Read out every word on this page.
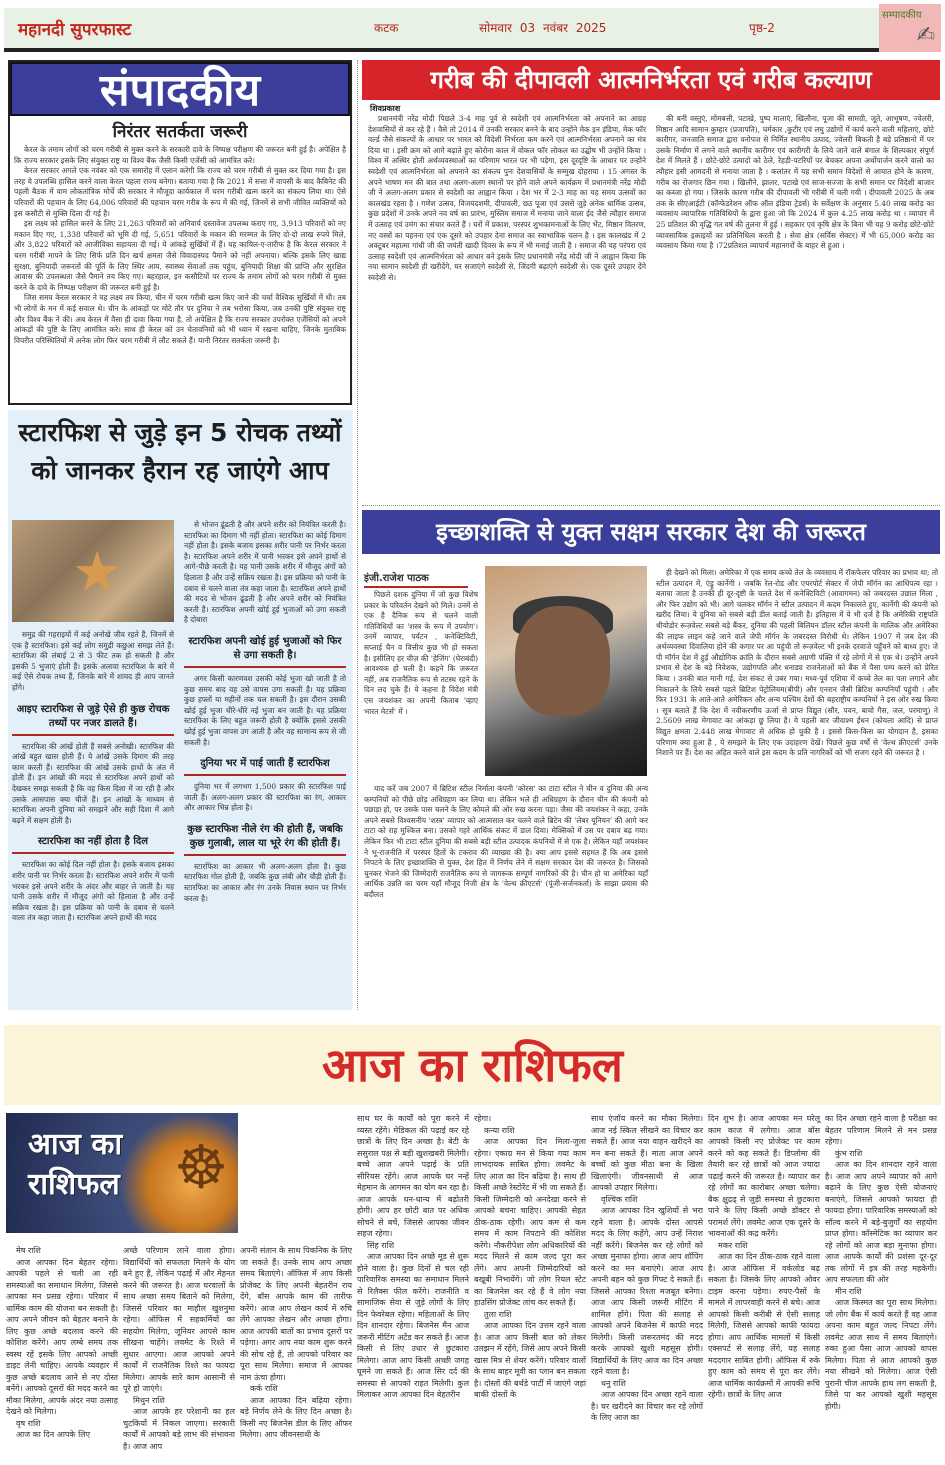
महानदी सुपरफास्ट	कटक	सोमवार 03 नवंबर 2025	पृष्ठ-2
सम्पादकीय
✍
संपादकीय
निरंतर सतर्कता जरूरी

केरल के तमाम लोगों को चरम गरीबी से मुक्त करने के सरकारी दावे के निष्पक्ष परीक्षण की जरूरत बनी हुई है। अपेक्षित है कि राज्य सरकार इसके लिए संयुक्त राष्ट्र या विश्व बैंक जैसी किसी एजेंसी को आमंत्रित करे।

केरल सरकार अगले एक नवंबर को एक समारोह में एलान करेगी कि राज्य को चरम गरीबी से मुक्त कर दिया गया है। इस तरह ये उपलब्धि हासिल करने वाला केरल पहला राज्य बनेगा। बताया गया है कि 2021 में सत्ता में वापसी के बाद कैबिनेट की पहली बैठक में वाम लोकतांत्रिक मोर्चे की सरकार ने मौजूदा कार्यकाल में चरम गरीबी खत्म करने का संकल्प लिया था। ऐसे परिवारों की पहचान के लिए 64,006 परिवारों की पहचान चरम गरीब के रूप में की गई, जिनमें से सभी जीवित व्यक्तियों को इस कसौटी से मुक्ति दिला दी गई है।

इस लक्ष्य को हासिल करने के लिए 21,263 परिवारों को अनिवार्य दस्तावेज उपलब्ध कराए गए, 3,913 परिवारों को नए मकान दिए गए, 1,338 परिवारों को भूमि दी गई, 5,651 परिवारों के मकान की मरम्मत के लिए दो-दो लाख रुपये मिले, और 3,822 परिवारों को आजीविका सहायता दी गई। ये आंकड़े सुर्खियों में हैं। यह कायिल-ए-तारीफ है कि केरल सरकार ने चरम गरीबी मापने के लिए सिर्फ प्रति दिन खर्च क्षमता जैसे विवादास्पद पैमाने को नहीं अपनाया। बल्कि इसके लिए खाद्य सुरक्षा, बुनियादी जरूरतों की पूर्ति के लिए स्थिर आय, स्वास्थ्य सेवाओं तक पहुंच, बुनियादी शिक्षा की प्राप्ति और सुरक्षित आवास की उपलब्धता जैसे पैमाने तय किए गए। बहरहाल, इन कसौटियों पर राज्य के तमाम लोगों को चरम गरीबी से मुक्त करने के दावे के निष्पक्ष परीक्षण की जरूरत बनी हुई है।

जिस समय केरल सरकार ने यह लक्ष्य तय किया, चीन में चरम गरीबी खत्म किए जाने की चर्चा वैश्विक सुर्खियों में थी। तब भी लोगों के मन में कई सवाल थे। चीन के आंकड़ों पर मोटे तौर पर दुनिया ने तब भरोसा किया, जब उनकी पुष्टि संयुक्त राष्ट्र और विश्व बैंक ने की। अब केरल में वैसा ही दावा किया गया है, तो अपेक्षित है कि राज्य सरकार उपरोक्त एजेंसियों को अपने आंकड़ों की पुष्टि के लिए आमंत्रित करे। साथ ही केरल को उन चेतावनियों को भी ध्यान में रखना चाहिए, जिनके मुताबिक विपरीत परिस्थितियों में अनेक लोग फिर चरम गरीबी में लौट सकते हैं। यानी निरंतर सतर्कता जरूरी है।

स्टारफिश से जुड़े इन 5 रोचक तथ्यों को जानकर हैरान रह जाएंगे आप
★

समुद्र की गहराइयों में कई अनोखे जीव रहते हैं, जिनमें से एक है स्टारफिश। इसे कई लोग समुद्री कछुआ समझ लेते हैं। स्टारफिश की लंबाई 2 से 3 फीट तक हो सकती है और इसकी 5 भुजाएं होती हैं। इसके अलावा स्टारफिश के बारे में कई ऐसे रोचक तथ्य हैं, जिनके बारे में शायद ही आप जानते होंगे।

आइए स्टारफिश से जुड़े ऐसे ही कुछ रोचक तथ्यों पर नजर डालते हैं।

स्टारफिश की आंखें होती हैं सबसे अनोखी। स्टारफिश की आंखें बहुत खास होती हैं। ये आंखें उसके दिमाग की तरह काम करती हैं। स्टारफिश की आंखें उसके हाथों के अंत में होती हैं। इन आंखों की मदद से स्टारफिश अपने हाथों को देखकर समझ सकती है कि वह किस दिशा में जा रही है और उसके आसपास क्या चीजें हैं। इन आंखों के माध्यम से स्टारफिश अपनी दुनिया को समझने और सही दिशा में आगे बढ़ने में सक्षम होती है।

स्टारफिश का नहीं होता है दिल

स्टारफिश का कोई दिल नहीं होता है। इसके बजाय इसका शरीर पानी पर निर्भर करता है। स्टारफिश अपने शरीर में पानी भरकर इसे अपने शरीर के अंदर और बाहर ले जाती है। यह पानी उसके शरीर में मौजूद अंगों को हिलाता है और उन्हें सक्रिय रखता है। इस प्रक्रिया को पानी के दबाव से चलने वाला तंत्र कहा जाता है। स्टारफिश अपने हाथों की मदद

से भोजन ढूंढती है और अपने शरीर को नियंत्रित करती है। स्टारफिश का दिमाग भी नहीं होता। स्टारफिश का कोई दिमाग नहीं होता है। इसके बजाय इसका शरीर पानी पर निर्भर करता है। स्टारफिश अपने शरीर में पानी भरकर इसे अपने हाथों से आगे-पीछे करती है। यह पानी उसके शरीर में मौजूद अंगों को हिलाता है और उन्हें सक्रिय रखता है। इस प्रक्रिया को पानी के दबाव से चलने वाला तंत्र कहा जाता है। स्टारफिश अपने हाथों की मदद से भोजन ढूंढती है और अपने शरीर को नियंत्रित करती है। स्टारफिश अपनी खोई हुई भुजाओं को उगा सकती है दोबारा

स्टारफिश अपनी खोई हुई भुजाओं को फिर से उगा सकती है।

अगर किसी कारणवश उसकी कोई भुजा खो जाती है तो कुछ समय बाद वह उसे वापस उगा सकती है। यह प्रक्रिया कुछ हफ्तों या महीनों तक चल सकती है। इस दौरान उसकी खोई हुई भुजा धीरे-धीरे नई भुजा बन जाती है। यह प्रक्रिया स्टारफिश के लिए बहुत जरूरी होती है क्योंकि इससे उसकी खोई हुई भुजा वापस उग आती है और वह सामान्य रूप से जी सकती है।

दुनिया भर में पाई जाती हैं स्टारफिश

दुनिया भर में लगभग 1,500 प्रकार की स्टारफिश पाई जाती हैं। अलग-अलग प्रकार की स्टारफिश का रंग, आकार और आकार भिन्न होता है।

कुछ स्टारफिश नीले रंग की होती हैं, जबकि कुछ गुलाबी, लाल या भूरे रंग की होती हैं।

स्टारफिश का आकार भी अलग-अलग होता है। कुछ स्टारफिश गोल होती हैं, जबकि कुछ लंबी और चौड़ी होती हैं। स्टारफिश का आकार और रंग उनके निवास स्थान पर निर्भर करता है।

गरीब की दीपावली आत्मनिर्भरता एवं गरीब कल्याण
शिवप्रकाश

प्रधानमंत्री नरेंद्र मोदी पिछले 3-4 माह पूर्व से स्वदेशी एवं आत्मनिर्भरता को अपनाने का आग्रह देशवासियों से कर रहे हैं । वैसे तो 2014 में उनकी सरकार बनने के बाद उन्होंने मेक इन इंडिया, मेक फॉर वर्ल्ड जैसे संकल्पों के आधार पर भारत को विदेशी निर्भरता कम करने एवं आत्मनिर्भरता अपनाने का मंत्र दिया था । इसी क्रम को आगे बढ़ाते हुए कोरोना काल में वोकल फॉर लोकल का उद्घोष भी उन्होंने किया । विश्व में अस्थिर होती अर्थव्यवस्थाओं का परिणाम भारत पर भी पड़ेगा, इस दूरदृष्टि के आधार पर उन्होंने स्वदेशी एवं आत्मनिर्भरता को अपनाने का संकल्प पुनः देशवासियों के सम्मुख दोहराया । 15 अगस्त के अपने भाषण मन की बात तथा अलग-अलग स्थानों पर होने वाले अपने कार्यक्रम में प्रधानमंत्री नरेंद्र मोदी जी ने अलग-अलग प्रकार से स्वदेशी का आह्वान किया । देश भर में 2-3 माह का यह समय उत्सवों का कालखंड रहता है । गणेश उत्सव, विजयदशमी, दीपावली, छठ पूजा एवं उससे जुड़े अनेक धार्मिक उत्सव, कुछ प्रदेशों में उनके अपने नव वर्ष का प्रारंभ, मुस्लिम समाज में मनाया जाने वाला ईद जैसे त्यौहार समाज में उत्साह एवं उमंग का संचार करते हैं । घरों में प्रकाश, परस्पर शुभकामनाओं के लिए भेंट, मिष्ठान वितरण, नए वस्त्रों का पहनना एवं एक दूसरे को उपहार देना समाज का स्वाभाविक चलन है । इस कालखंड में 2 अक्टूबर महात्मा गांधी जी की जयंती खादी दिवस के रूप में भी मनाई जाती है । समाज की यह परंपरा एवं उत्साह स्वदेशी एवं आत्मनिर्भरता को आधार बने इसके लिए प्रधानमंत्री नरेंद्र मोदी जी ने आह्वान किया कि नया सामान स्वदेशी ही खरीदेंगे, घर सजाएंगे स्वदेशी से, जिंदगी बढ़ाएंगे स्वदेशी से। एक दूसरे उपहार देंगे स्वदेशी से।

की बनी वस्तुएं, मोमबत्ती, पटाखे, पुष्प मालाएं, खिलौना, पूजा की सामग्री, जूते, आभूषण, ज्वेलरी, मिष्ठान आदि सामान कुम्हार (प्रजापति), चर्मकार ,कुटीर एवं लघु उद्योगों में कार्य करने वाली महिलाएं, छोटे कारीगर, जनजाति समाज द्वारा वनोपज से निर्मित स्थानीय उत्पाद, ज्वेलरी बिकती है बड़े प्रतिष्ठानो में पर उसके निर्माण में लगने वाले स्थानीय कारीगर एवं कारीगरी के लिये जाने वाले बंगाल के शिल्पकार संपूर्ण देश में मिलते हैं । छोटे-छोटे उत्पादो को ठेले, रेहड़ी-पटरियों पर बेचकर अपना अर्थोपार्जन करने वालो का त्यौहार इसी आमदनी से मनाया जाता है । कलांतर में यह सभी समान विदेशों से आयात होने के कारण, गरीब का रोजगार छिन गया । खिलौने, झालर, पटाखे एवं साज-सज्जा के सभी समान पर विदेशी बाजार का कब्जा हो गया । जिसके कारण गरीब की दीपावली भी गरीबी में चली गयी । दीपावली 2025 के अब तक के सीएआईटी (कॉन्फेडरेशन ऑफ ऑल इंडिया ट्रेडर्स) के सर्वेक्षण के अनुसार 5.40 लाख करोड़ का व्यवसाय व्यापारिक गतिविधियों के द्वारा हुआ जो कि 2024 में कुल 4.25 लाख करोड़ था । व्यापार में 25 प्रतिशत की वृद्धि गत वर्ष की तुलना में हुई । सहकार एवं कृषि क्षेत्र के बिना भी यह 9 करोड़ छोटे-छोटे व्यावसायिक इकाइयों का प्रतिनिधित्व करती है । सेवा क्षेत्र (सर्विस सेक्टर) में भी 65,000 करोड़ का व्यवसाय किया गया है ।72प्रतिशत व्यापार्य महानगरों के बाहर से हुआ ।

इच्छाशक्ति से युक्त सक्षम सरकार देश की जरूरत
इंजी.राजेश पाठक

पिछले दशक दुनिया में जो कुछ विशेष प्रकार के परिवर्तन देखने को मिले। उनमें से एक है दैनिक रूप से चलने वाली गतिविधियों का 'शस्त्र के रूप में उपयोग'। उनमें व्यापार, पर्यटन , कनेक्टिविटी, सप्लाई चैन व वित्तीय कुछ भी हो सकता है। इसीलिए हर चीज़ की 'हेजिंग' (घेराबंदी) आवश्यक हो चली है। कहने कि जरूरत नहीं, अब राजनैतिक रूप से तटस्थ रहने के दिन लद चुके हैं। ये कहना है विदेश मंत्री एस जयशंकर का अपनी किताब 'व्हाए भारत मेटर्स' में ।

याद करें जब 2007 में ब्रिटिश स्टील निर्माता कंपनी 'कोरस' का टाटा स्टील ने चीन व दुनिया की अन्य कम्पनियों को पीछे छोड़ अधिग्रहण कर लिया था। लेकिन भले ही अधिग्रहण के दौरान चीन की कंपनी को पछाड़ा हो, पर उसके पास चलने के लिए कोयले की ओर रुख करना पड़ा। जैसा की जयशंकर ने कहा, उनके अपने सबसे विश्वसनीय 'शस्त्र' व्यापार को आत्मसात कर चलने वाले ब्रिटेन की 'लेबर यूनियन' की आगे कर टाटा को राह मुश्किल बना। उसको गहरे आर्थिक संकट में डाल दिया। मेक्सिको में उस पर दबाव बढ़ गया। लेकिन फिर भी टाटा स्टील दुनिया की सबसे बड़ी स्टील उत्पादक कंपनियों में से एक है। लेकिन यहाँ जयशंकर ने भू-राजनीति में परस्पर हितों के टकराव की व्याख्या की है। क्या आप इससे सहमत हैं कि अब इससे निपटने के लिए इच्छाशक्ति से युक्त, देश हित में निर्णय लेने में सक्षम सरकार देश की जरूरत है। जिसको चुनकर भेजने की जिम्मेदारी राजनैतिक रूप से जागरूक सम्पूर्ण नागरिकों की है। चीन हो या अमेरिका यहाँ आर्थिक उन्नति का चरम यहाँ मौजूद निजी क्षेत्र के 'वेल्थ क्रीएटर्स' (पूंजी-सर्जनकर्ता) के साझा प्रयास की बदौलत

ही देखने को मिला। अमेरिका में एक समय कच्चे तेल के व्यवसाय में रॉकफेलर परिवार का प्रभाव था; तो स्टील उत्पादन में, एंड्रू कार्नेगी । जबकि रेल-रोड और एयरपोर्ट सेक्टर में जेपी मॉर्गन का आधिपत्य रहा । बताया जाता है उनकी ही दूर-दृष्टी के चलते देश में कनेक्टिविटी (आवागमन) को जबरदस्त उछाल मिला , और फिर उद्योग को भी। आगे चलकर मॉर्गन ने स्टील उत्पादन में कदम निकालते हुए, कार्नेगी की कंपनी को खरीद लिया। ये दुनिया को सबसे बड़ी डील बताई जाती है। इतिहास में ये भी दर्ज है कि अमेरिकी राष्ट्रपति थीयोडोर रूज़वेल्ट सबसे बड़े बैंकर, दुनिया की पहली बिलियन डॉलर स्टील कंपनी के मालिक और अमेरिका की लाइफ लाइन कहे जाने वाले जेपी मॉर्गन के जबरदस्त विरोधी थे। लेकिन 1907 में जब देश की अर्थव्यवस्था दिवालिया होने की कगार पर आ पहुंची तो रूज़वेल्ट भी इनके दरवाजे पहुँचने को बाध्य हुए। जे पी मॉर्गन देश में हुई औद्योगिक क्रांति के दौरान सबसे अग्रणी पंक्ति में रहे लोगों में से एक थे। उन्होंने अपने प्रभाव से देश के बड़े निवेशक, उद्योगपति और धनाड्य राजनेताओं को बैंक में पैसा पम्प करने को प्रेरित किया । उनकी बात मानी गई, देश संकट से उबर गया। मध्य-पूर्व एशिया में कच्चे तेल का पता लगाने और निकालने के लिये सबसे पहले ब्रिटिश पेट्रोलियम(बीपी) और एनरान जैसी ब्रिटिश कम्पनियाँ पहुंची । और फिर 1931 के आते-आते अमेरिकन और अन्य पश्चिम देशों की बहराष्ट्रीय कम्पनियों ने इस ओर रुख किया । सूत्र बताते हैं कि देश में नवीकरणीय ऊर्जा से प्राप्त विद्युत (सौर, पवन, बायो गैस, जल, परमाणु) ने 2.5609 लाख मेगावाट का आंकड़ा छू लिया है। ये पहली बार जीवाश्म ईंधन (कोयला आदि) से प्राप्त विद्युत क्षमता 2.448 लाख मेगावाट से अधिक हो चुकी है । इससे किस-किस का योगदान है, इसका परिणाम क्या हुआ है , ये समझने के लिए एक उदाहरण देखें। पिछले कुछ वर्षों से 'वेल्थ क्रीएटर्स' उनके निशाने पर हैं। देश का अहित करने वाले इस कदम के प्रति नागरिकों को भी सजग रहने की जरूरत है ।

आज का राशिफल
आज का
राशिफल ☸
मेष राशि

आज आपका दिन बेहतर रहेगा। आपकी पहले से चली आ रही समस्याओं का समाधान मिलेगा, जिससे आपका मन प्रसन्न रहेगा। परिवार में धार्मिक काम की योजना बन सकती है। आप अपने जीवन को बेहतर बनाने के लिए कुछ अच्छे बदलाव करने की कोशिश करेंगे। आप लम्बे समय तक स्वस्थ रहें इसके लिए आपको अच्छी डाइट लेनी चाहिए। आपके व्यवहार में कुछ अच्छे बदलाव आने से नए दोस्त बनेंगे। आपको दूसरों की मदद करने का मौका मिलेगा, आपके अंदर नया उत्साह देखने को मिलेगा।

वृष राशि

आज का दिन आपके लिए

अच्छे परिणाम लाने वाला होगा। विद्यार्थियों को सफलता मिलने के योग बने हुए हैं, लेकिन पढ़ाई में और मेहनत करने की जरूरत है। आज घरवालों के साथ अच्छा समय बिताने को मिलेगा, जिससे परिवार का माहौल खुशनुमा रहेगा। ऑफिस में सहकर्मियों का सहयोग मिलेगा, जूनियर आपसे काम सीखना चाहेंगे। लवमेट के रिश्ते में सुधार आएगा। आज आपको अपने कार्यों में राजनैतिक रिश्ते का फायदा मिलेगा। आपके सारे काम आसानी से पूरे हो जाएंगे।

मिथुन राशि

आज आपके हर परेशानी का हल चुटकियों में निकल जाएगा। सरकारी कार्यों में आपको बड़े लाभ की संभावना है। आज आप

अपनी संतान के साथ पिकनिक के लिए जा सकते हैं। उनके साथ आप अच्छा समय बिताएंगे। ऑफिस में आप किसी प्रोजेक्ट के लिए अपनी बेहतरीन राय देंगे, बॉस आपके काम की तारीफ करेंगे। आज आप लेखन कार्य में रुचि लेंगे आपका लेखन और अच्छा होगा। आज आपकी बातों का प्रभाव दूसरों पर पड़ेगा। अगर आप नया काम शुरू करने की सोच रहे हैं, तो आपको परिवार का पूरा साथ मिलेगा। समाज में आपका नाम ऊंचा होगा।

कर्क राशि

आज आपका दिन बढ़िया रहेगा। बड़े निर्णय लेने के लिए दिन अच्छा है। किसी नए बिजनेस डील के लिए ऑफर मिलेगा। आप जीवनसाथी के

साथ घर के कार्यों को पूरा करने में व्यस्त रहेंगे। मेडिकल की पढ़ाई कर रहे छात्रों के लिए दिन अच्छा है। बेटी के ससुराल पक्ष से बड़ी खुशखबरी मिलेगी। बच्चे आज अपने पढ़ाई के प्रति सीरियस रहेंगे। आज आपके घर नन्हें मेहमान के आगमन का योग बन रहा है। आज आपके धन-धान्य में बढ़ोतरी होगी। आप हर छोटी बात पर अधिक सोचने से बचें, जिससे आपका जीवन सहज रहेगा।

सिंह राशि

आज आपका दिन अच्छे मूड से शुरू होने वाला है। कुछ दिनों से चल रही पारिवारिक समस्या का समाधान मिलने से रिलैक्स फील करेंगे। राजनीति व सामाजिक सेवा से जुड़े लोगों के लिए दिन फेवरेबल रहेगा। महिलाओं के लिए दिन शानदार रहेगा। बिजनेस मैन आज जरूरी मीटिंग अटेंड कर सकते हैं। आज किसी से लिए उधार से छुटकारा मिलेगा। आज आप किसी अच्छी जगह घूमने जा सकते हैं। आज सिर दर्द की समस्या से आपको राहत मिलेगी। कुल मिलाकर आज आपका दिन बेहतरीन

रहेगा।

कन्या राशि

आज आपका दिन मिला-जुला रहेगा। एकाग्र मन से किया गया काम लाभदायक साबित होगा। लवमेट के लिए आज का दिन बढ़िया है। साथ ही किसी अच्छे रेस्टोरेंट में भी जा सकते हैं। किसी जिम्मेदारी को अनदेखा करने से आपको बचना चाहिए। आपकी सेहत ठीक-ठाक रहेगी। आप कम से कम समय में काम निपटाने की कोशिश करेंगे। नौकरीपेशा लोग अधिकारियों की मदद मिलने से काम जल्द पूरा कर लेंगे। आप अपनी जिम्मेदारियों को बखूबी निभायेंगे। जो लोग रियल स्टेट का बिजनेस कर रहे हैं वे लोग नया हाउसिंग प्रोजेक्ट लांच कर सकते हैं।

तुला राशि

आज आपका दिन उत्तम रहने वाला है। आज आप किसी बात को लेकर उलझन में रहेंगे, जिसे आप अपने किसी खास मित्र से शेयर करेंगे। परिवार वालों के साथ बाहर मूवी का प्लान बन सकता है। दोस्तों की बर्थडे पार्टी में जाएंगे जहां बाकी दोस्तों के

साथ एंजॉय करने का मौका मिलेगा। आज नई स्किल सीखने का विचार कर सकते हैं। आज नया वाहन खरीदने का मन बना सकते हैं। माता आज अपने बच्चों को कुछ मीठा बना के खिला खिलाएंगी। जीवनसाथी से आज आपको उपहार मिलेगा।

वृश्चिक राशि

आज आपका दिन खुशियों से भरा रहने वाला है। आपके दोस्त आपसे मदद के लिए कहेंगे, आप उन्हें निराश नहीं करेंगे। बिजनेस कर रहे लोगों को अच्छा मुनाफा होगा। आज आप शॉपिंग करने का मन बनाएंगे। आज आप अपनी बहन को कुछ गिफ्ट दे सकते हैं। जिससे आपका रिश्ता मजबूत बनेगा। आज आप किसी जरूरी मीटिंग में शामिल होंगे। पिता की सलाह से आपको अपने बिजनेस में काफी मदद मिलेगी। किसी जरूरतमंद की मदद करके आपको खुशी महसूस होगी। विद्यार्थियों के लिए आज का दिन अच्छा रहने वाला है।

धनु राशि

आज आपका दिन अच्छा रहने वाला है। घर खरीदने का विचार कर रहे लोगों के लिए आज का

दिन शुभ है। आज आपका मन घरेलू काम काज में लगेगा। आज बॉस आपको किसी नए प्रोजेक्ट पर काम करने को कह सकते हैं। डिप्लोमा की तैयारी कर रहे छात्रों को आज ज्यादा पढ़ाई करने की जरूरत है। व्यापार कर रहे लोगों का कारोबार अच्छा चलेगा। बैक क्षुद्रढ्‌ से जुड़ी समस्या से छुटकारा पाने के लिए किसी अच्छे डॉक्टर से परामर्श लेंगे। लवमेट आज एक दूसरे के भावनाओं की कद्र करेंगे।

मकर राशि

आज का दिन ठीक-ठाक रहने वाला है। आज ऑफिस में वर्कलोड बढ़ सकता है। जिसके लिए आपको ओवर टाइम करना पड़ेगा। रुपए-पैसों के मामले में लापरवाही करने से बचे। आज आपको किसी करीबी से ऐसी सलाह मिलेगी, जिससे आपको काफी फायदा होगा। आप आर्थिक मामलों में किसी एक्सपर्ट से सलाह लेंगे, यह सलाह मददगार साबित होगी। ऑफिस में रुके हुए काम को समय से पूरा कर लेंगे। आज धार्मिक कार्यक्रमों में आपकी रूचि रहेगी। छात्रों के लिए आज

का दिन अच्छा रहने वाला है परीक्षा का बेहतर परिणाम मिलने से मन प्रसन्न रहेगा।

कुंभ राशि

आज का दिन शानदार रहने वाला है। आज आप अपने व्यापार को आगे बढ़ाने के लिए कुछ ऐसी योजनाएं बनाएंगे, जिससे आपको फायदा ही फायदा होगा। पारिवारिक समस्याओं को सॉल्व करने में बड़े-बुजुर्गों का सहयोग प्राप्त होगा। कॉस्मेटिक का व्यापार कर रहे लोगों को आज बड़ा मुनाफा होगा। आज आपके कार्यों की प्रशंसा दूर-दूर तक लोगों में इत्र की तरह महकेगी। आप सफलता की ओर

मीन राशि

आज किस्मत का पूरा साथ मिलेगा। जो लोग बैंक में कार्य करते हैं वह आज अपना काम बहुत जल्द निपटा लेंगे। लवमेट आज साथ में समय बिताएंगे। रुका हुआ पैसा आज आपको वापस मिलेगा। पिता से आज आपको कुछ नया सीखने को मिलेगा। आज ऐसी पुरानी चीज आपके हाथ लग सकती है, जिसे पा कर आपको खुशी महसूस होगी।
